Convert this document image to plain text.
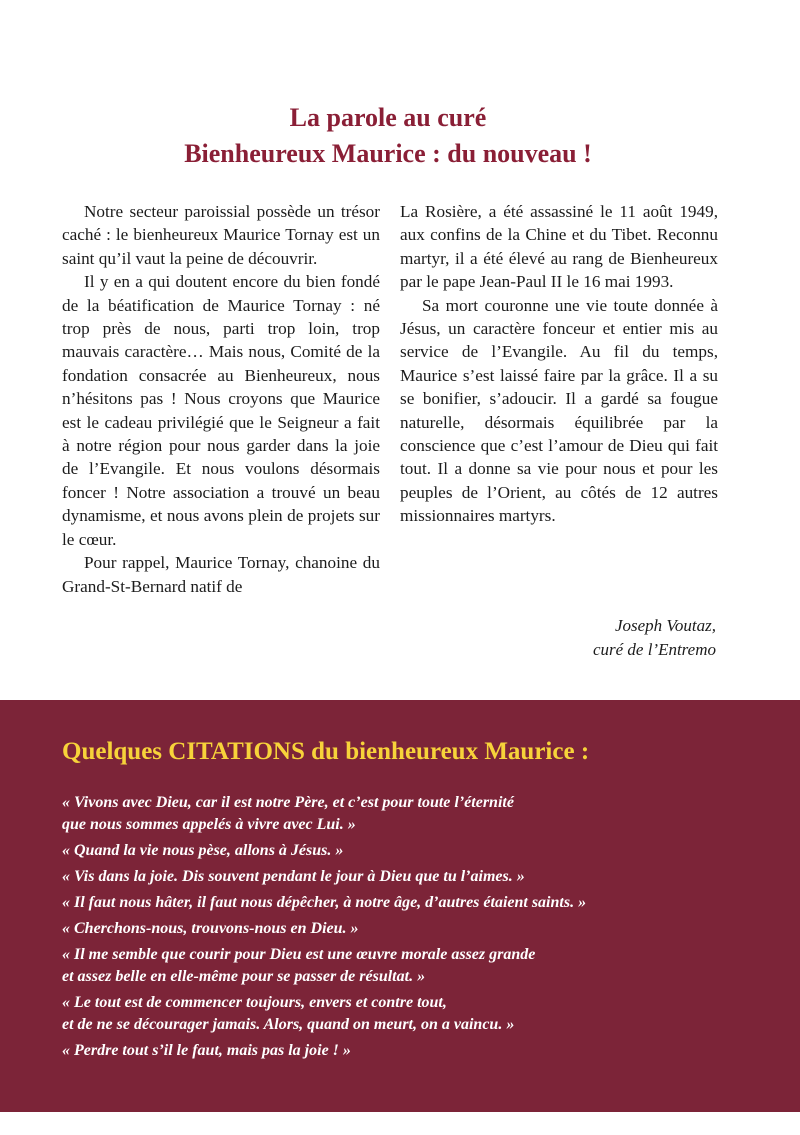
La parole au curé
Bienheureux Maurice : du nouveau !

Notre secteur paroissial possède un trésor caché : le bienheureux Maurice Tornay est un saint qu’il vaut la peine de découvrir.

Il y en a qui doutent encore du bien fondé de la béatification de Maurice Tornay : né trop près de nous, parti trop loin, trop mauvais caractère… Mais nous, Comité de la fondation consacrée au Bienheureux, nous n’hésitons pas ! Nous croyons que Maurice est le cadeau privilégié que le Seigneur a fait à notre région pour nous garder dans la joie de l’Evangile. Et nous voulons désormais foncer ! Notre association a trouvé un beau dynamisme, et nous avons plein de projets sur le cœur.

Pour rappel, Maurice Tornay, chanoine du Grand-St-Bernard natif de

La Rosière, a été assassiné le 11 août 1949, aux confins de la Chine et du Tibet. Reconnu martyr, il a été élevé au rang de Bienheureux par le pape Jean-Paul II le 16 mai 1993.

Sa mort couronne une vie toute donnée à Jésus, un caractère fonceur et entier mis au service de l’Evangile. Au fil du temps, Maurice s’est laissé faire par la grâce. Il a su se bonifier, s’adoucir. Il a gardé sa fougue naturelle, désormais équilibrée par la conscience que c’est l’amour de Dieu qui fait tout. Il a donne sa vie pour nous et pour les peuples de l’Orient, au côtés de 12 autres missionnaires martyrs.

Joseph Voutaz,
curé de l’Entremo
Quelques CITATIONS du bienheureux Maurice :

« Vivons avec Dieu, car il est notre Père, et c’est pour toute l’éternité
que nous sommes appelés à vivre avec Lui. »

« Quand la vie nous pèse, allons à Jésus. »

« Vis dans la joie. Dis souvent pendant le jour à Dieu que tu l’aimes. »

« Il faut nous hâter, il faut nous dépêcher, à notre âge, d’autres étaient saints. »

« Cherchons-nous, trouvons-nous en Dieu. »

« Il me semble que courir pour Dieu est une œuvre morale assez grande
et assez belle en elle-même pour se passer de résultat. »

« Le tout est de commencer toujours, envers et contre tout,
et de ne se décourager jamais. Alors, quand on meurt, on a vaincu. »

« Perdre tout s’il le faut, mais pas la joie ! »
